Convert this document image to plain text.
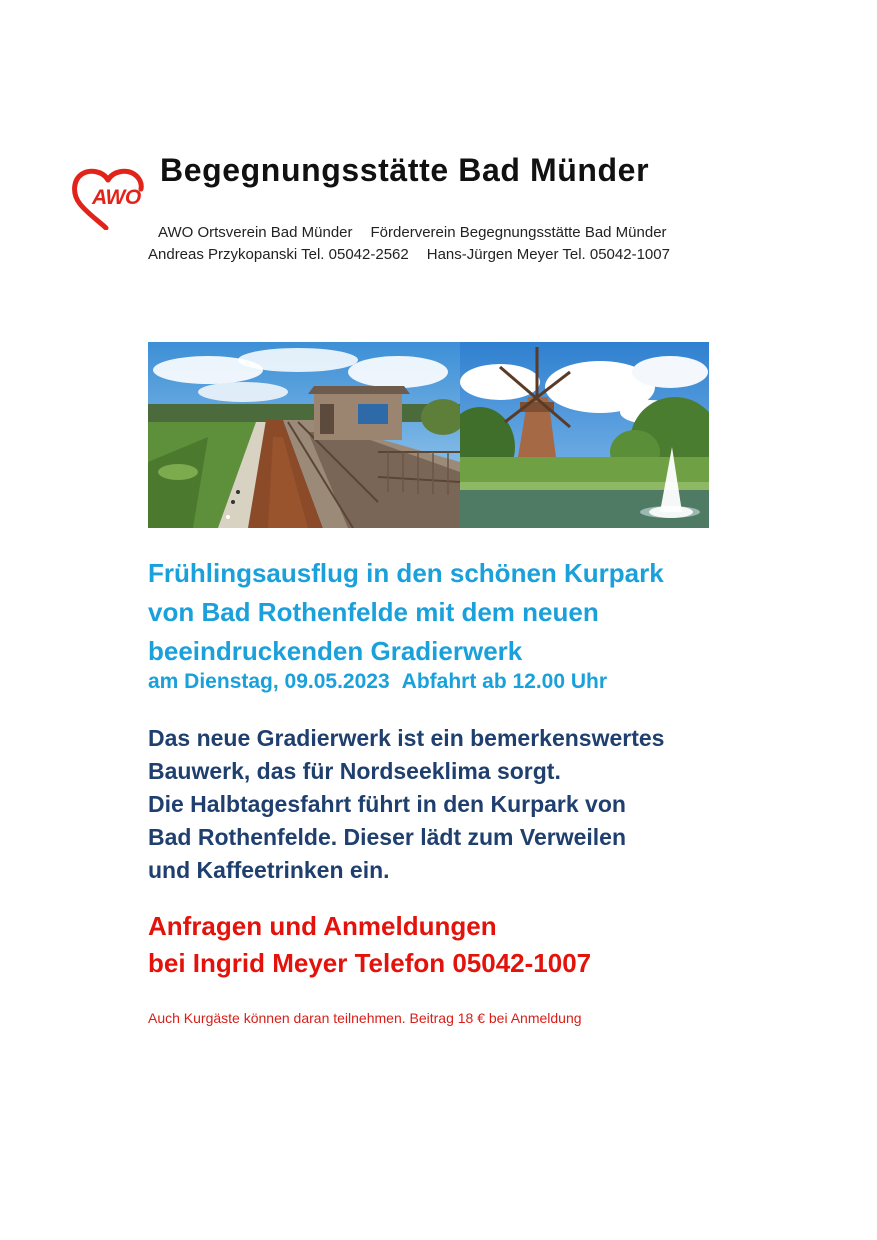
AWO
Begegnungsstätte Bad Münder
AWO Ortsverein Bad Münder Förderverein Begegnungsstätte Bad Münder
Andreas Przykopanski Tel. 05042-2562 Hans-Jürgen Meyer Tel. 05042-1007
Frühlingsausflug in den schönen Kurpark
von Bad Rothenfelde mit dem neuen
beeindruckenden Gradierwerk
am Dienstag, 09.05.2023 Abfahrt ab 12.00 Uhr
Das neue Gradierwerk ist ein bemerkenswertes
Bauwerk, das für Nordseeklima sorgt.
Die Halbtagesfahrt führt in den Kurpark von
Bad Rothenfelde. Dieser lädt zum Verweilen
und Kaffeetrinken ein.
Anfragen und Anmeldungen
bei Ingrid Meyer Telefon 05042-1007
Auch Kurgäste können daran teilnehmen. Beitrag 18 € bei Anmeldung
